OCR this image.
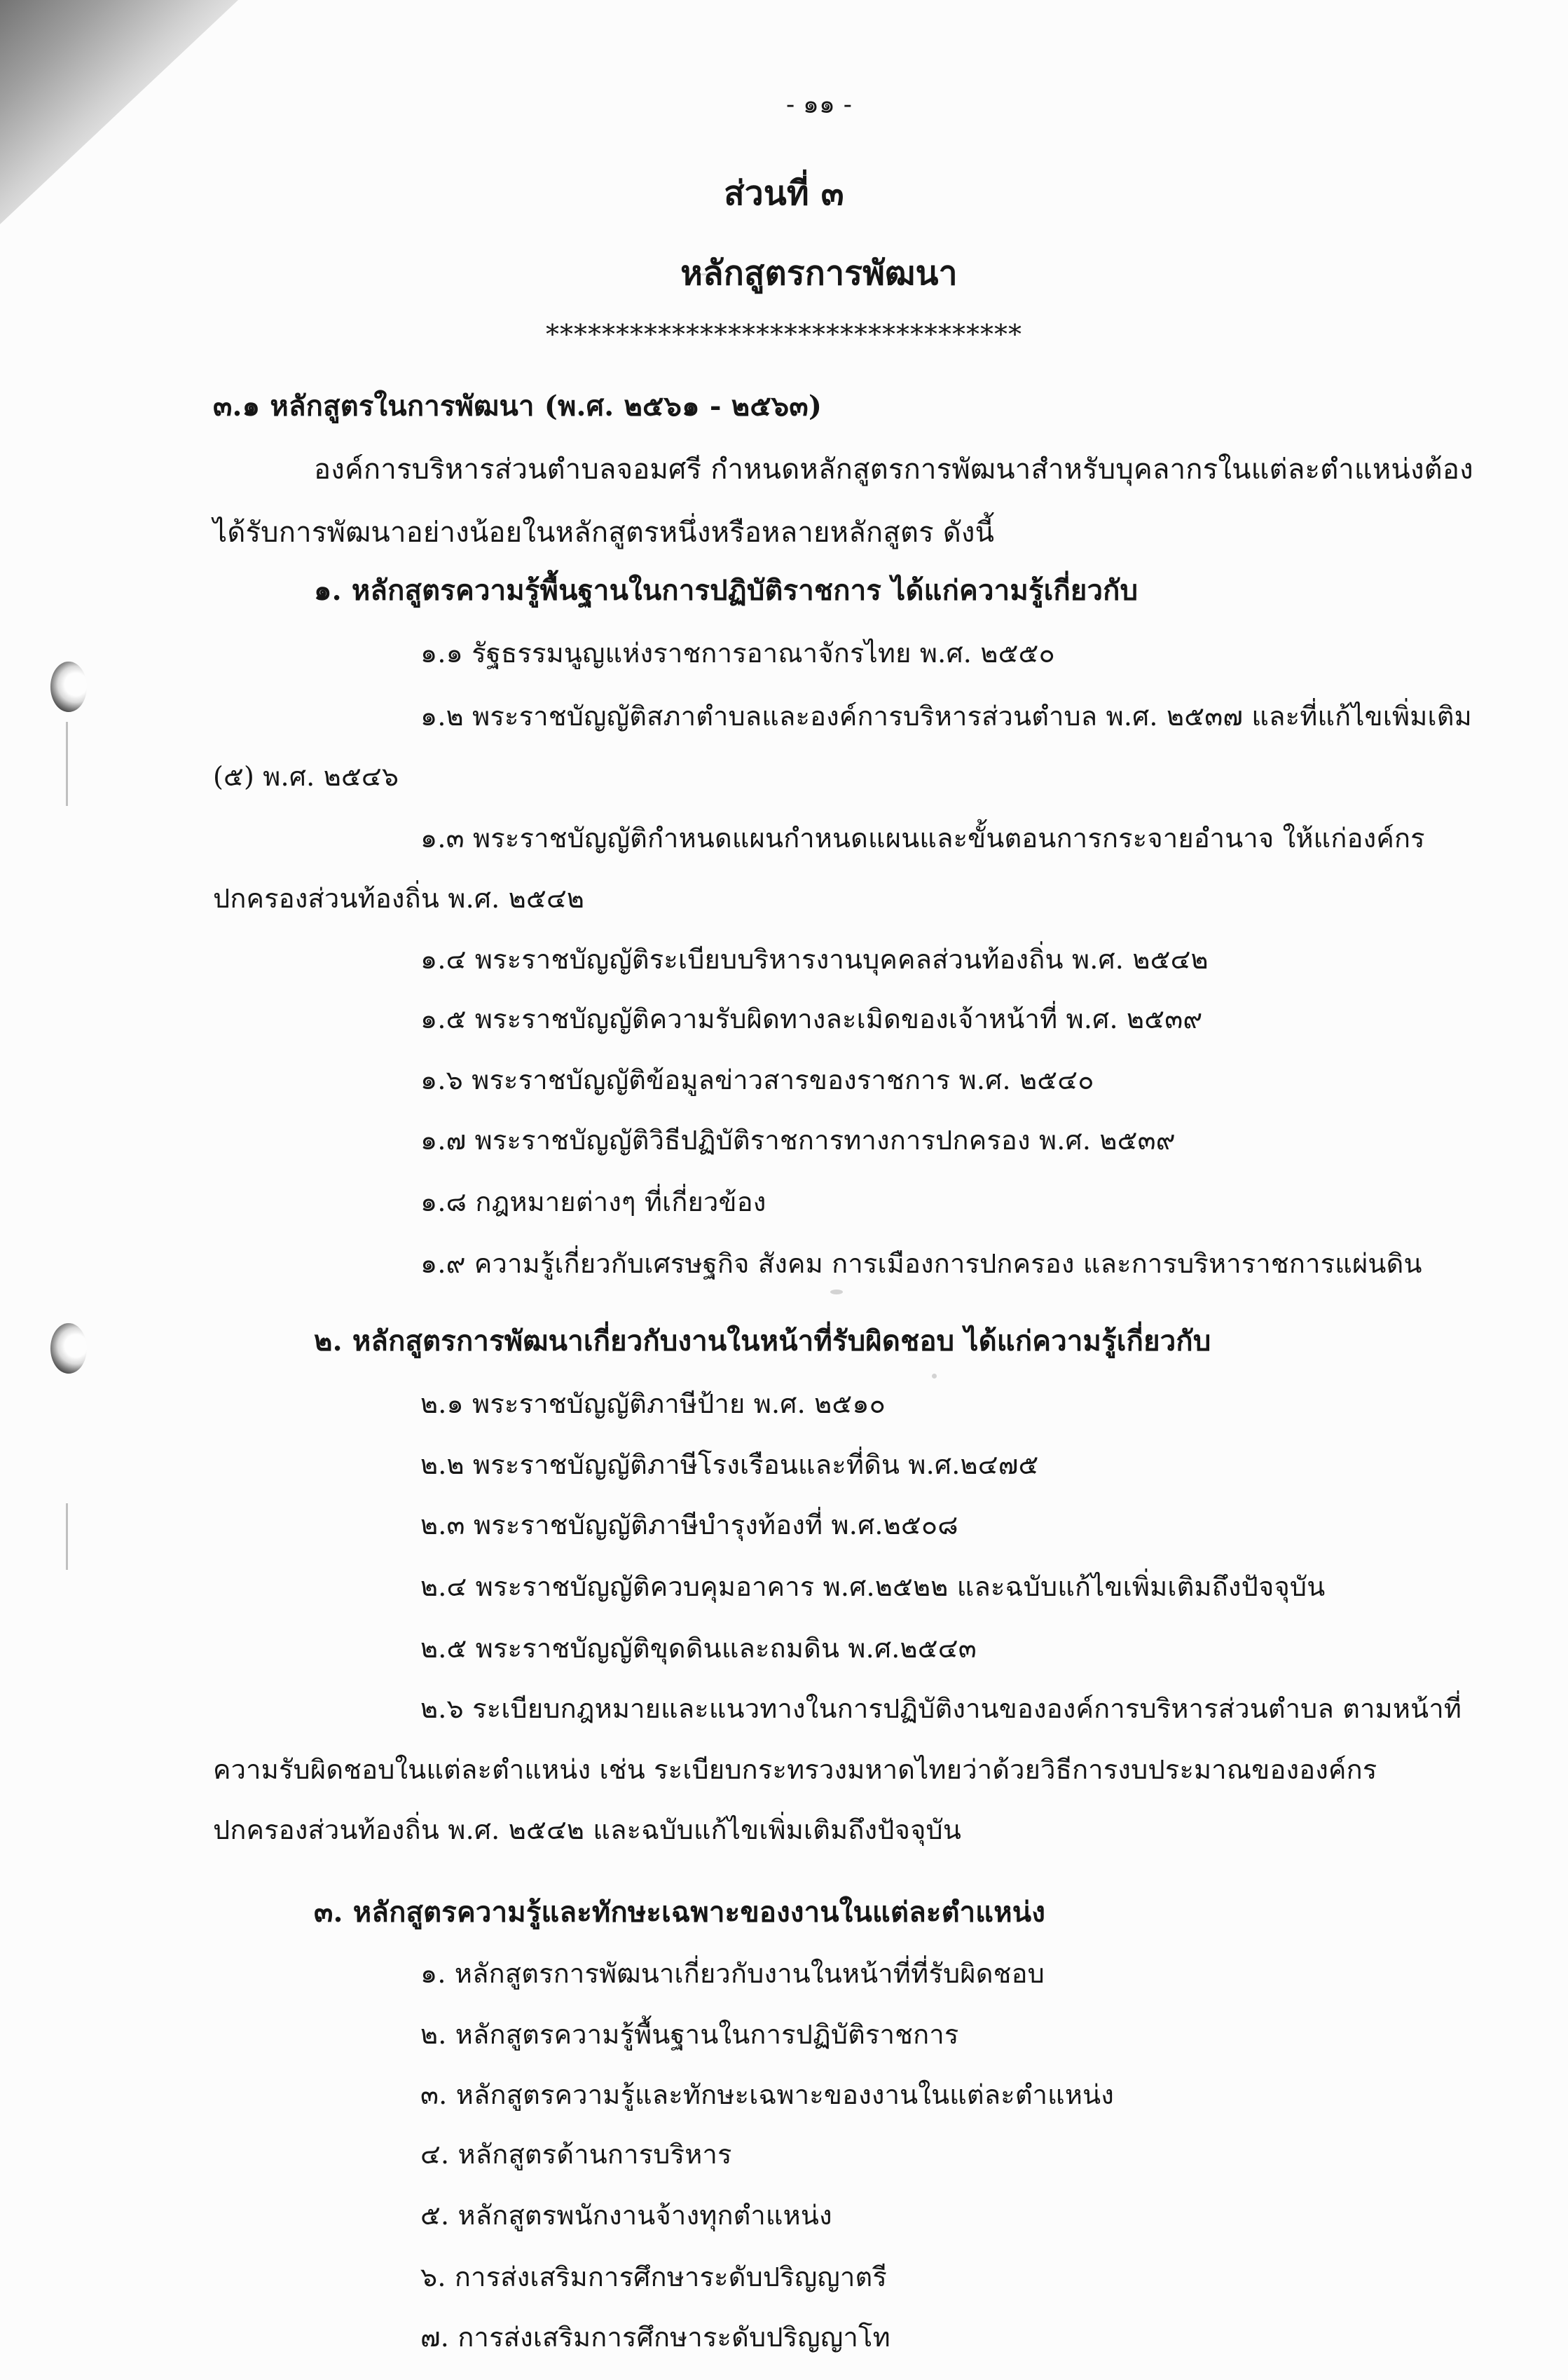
- ๑๑ -
ส่วนที่ ๓
หลักสูตรการพัฒนา
**********************************
๓.๑ หลักสูตรในการพัฒนา (พ.ศ. ๒๕๖๑ - ๒๕๖๓)
องค์การบริหารส่วนตำบลจอมศรี กำหนดหลักสูตรการพัฒนาสำหรับบุคลากรในแต่ละตำแหน่งต้อง
ได้รับการพัฒนาอย่างน้อยในหลักสูตรหนึ่งหรือหลายหลักสูตร ดังนี้
๑. หลักสูตรความรู้พื้นฐานในการปฏิบัติราชการ ได้แก่ความรู้เกี่ยวกับ
๑.๑ รัฐธรรมนูญแห่งราชการอาณาจักรไทย พ.ศ. ๒๕๕๐
๑.๒ พระราชบัญญัติสภาตำบลและองค์การบริหารส่วนตำบล พ.ศ. ๒๕๓๗ และที่แก้ไขเพิ่มเติม
(๕) พ.ศ. ๒๕๔๖
๑.๓ พระราชบัญญัติกำหนดแผนกำหนดแผนและขั้นตอนการกระจายอำนาจ ให้แก่องค์กร
ปกครองส่วนท้องถิ่น พ.ศ. ๒๕๔๒
๑.๔ พระราชบัญญัติระเบียบบริหารงานบุคคลส่วนท้องถิ่น พ.ศ. ๒๕๔๒
๑.๕ พระราชบัญญัติความรับผิดทางละเมิดของเจ้าหน้าที่ พ.ศ. ๒๕๓๙
๑.๖ พระราชบัญญัติข้อมูลข่าวสารของราชการ พ.ศ. ๒๕๔๐
๑.๗ พระราชบัญญัติวิธีปฏิบัติราชการทางการปกครอง พ.ศ. ๒๕๓๙
๑.๘ กฎหมายต่างๆ ที่เกี่ยวข้อง
๑.๙ ความรู้เกี่ยวกับเศรษฐกิจ สังคม การเมืองการปกครอง และการบริหาราชการแผ่นดิน
๒. หลักสูตรการพัฒนาเกี่ยวกับงานในหน้าที่รับผิดชอบ ได้แก่ความรู้เกี่ยวกับ
๒.๑ พระราชบัญญัติภาษีป้าย พ.ศ. ๒๕๑๐
๒.๒ พระราชบัญญัติภาษีโรงเรือนและที่ดิน พ.ศ.๒๔๗๕
๒.๓ พระราชบัญญัติภาษีบำรุงท้องที่ พ.ศ.๒๕๐๘
๒.๔ พระราชบัญญัติควบคุมอาคาร พ.ศ.๒๕๒๒ และฉบับแก้ไขเพิ่มเติมถึงปัจจุบัน
๒.๕ พระราชบัญญัติขุดดินและถมดิน พ.ศ.๒๕๔๓
๒.๖ ระเบียบกฎหมายและแนวทางในการปฏิบัติงานขององค์การบริหารส่วนตำบล ตามหน้าที่
ความรับผิดชอบในแต่ละตำแหน่ง เช่น ระเบียบกระทรวงมหาดไทยว่าด้วยวิธีการงบประมาณขององค์กร
ปกครองส่วนท้องถิ่น พ.ศ. ๒๕๔๒ และฉบับแก้ไขเพิ่มเติมถึงปัจจุบัน
๓. หลักสูตรความรู้และทักษะเฉพาะของงานในแต่ละตำแหน่ง
๑. หลักสูตรการพัฒนาเกี่ยวกับงานในหน้าที่ที่รับผิดชอบ
๒. หลักสูตรความรู้พื้นฐานในการปฏิบัติราชการ
๓. หลักสูตรความรู้และทักษะเฉพาะของงานในแต่ละตำแหน่ง
๔. หลักสูตรด้านการบริหาร
๕. หลักสูตรพนักงานจ้างทุกตำแหน่ง
๖. การส่งเสริมการศึกษาระดับปริญญาตรี
๗. การส่งเสริมการศึกษาระดับปริญญาโท
